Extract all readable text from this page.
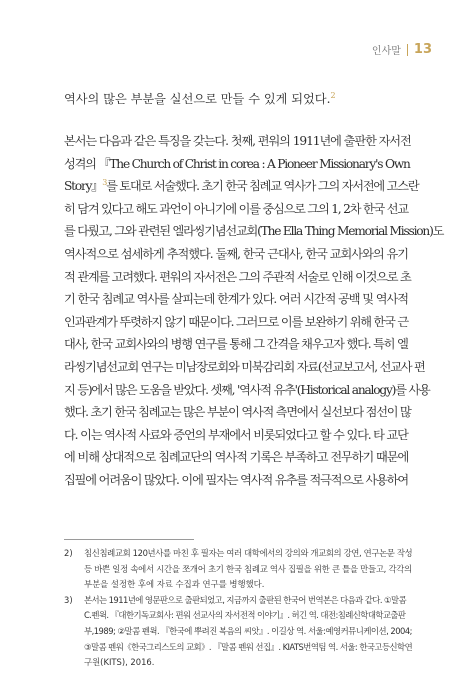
인사말 13

역사의 많은 부분을 실선으로 만들 수 있게 되었다.$^2$

본서는 다음과 같은 특징을 갖는다. 첫째, 편워의 1911년에 출판한 자서전
성격의 『The Church of Christ in corea : A Pioneer Missionary's Own
Story』$^3$를 토대로 서술했다. 초기 한국 침례교 역사가 그의 자서전에 고스란
히 담겨 있다고 해도 과언이 아니기에 이를 중심으로 그의 1, 2차 한국 선교
를 다뤘고, 그와 관련된 엘라씽기념선교회(The Ella Thing Memorial Mission)도
역사적으로 섬세하게 추적했다. 둘째, 한국 근대사, 한국 교회사와의 유기
적 관계를 고려했다. 편워의 자서전은 그의 주관적 서술로 인해 이것으로 초
기 한국 침례교 역사를 살피는데 한계가 있다. 여러 시간적 공백 및 역사적
인과관계가 뚜렷하지 않기 때문이다. 그러므로 이를 보완하기 위해 한국 근
대사, 한국 교회사와의 병행 연구를 통해 그 간격을 채우고자 했다. 특히 엘
라씽기념선교회 연구는 미남장로회와 미북감리회 자료(선교보고서, 선교사 편
지 등)에서 많은 도움을 받았다. 셋째, '역사적 유추'(Historical analogy)를 사용
했다. 초기 한국 침례교는 많은 부분이 역사적 측면에서 실선보다 점선이 많
다. 이는 역사적 사료와 증언의 부재에서 비롯되었다고 할 수 있다. 타 교단
에 비해 상대적으로 침례교단의 역사적 기록은 부족하고 전무하기 때문에
집필에 어려움이 많았다. 이에 필자는 역사적 유추를 적극적으로 사용하여
2)	침신침례교회 120년사를 마친 후 필자는 여러 대학에서의 강의와 개교회의 강연, 연구논문 작성
등 바쁜 일정 속에서 시간을 쪼개어 초기 한국 침례교 역사 집필을 위한 큰 틀을 만들고, 각각의
부분을 설정한 후에 자료 수집과 연구를 병행했다.
3)	본서는 1911년에 영문판으로 출판되었고, 지금까지 출판된 한국어 번역본은 다음과 같다. ①말콤
C.펜윅. 『대한기독교회사: 편워 선교사의 자서전적 이야기』. 허긴 역. 대전:침례신학대학교출판
부,1989; ②말콤 펜윅. 『한국에 뿌려진 복음의 씨앗』. 이길상 역. 서울:예영커뮤니케이션, 2004;
③말콤 펜워《한국그리스도의 교회》. 『말콤 펜워 선집』. KIATS번역팀 역. 서울: 한국고등신학연
구원(KITS), 2016.
